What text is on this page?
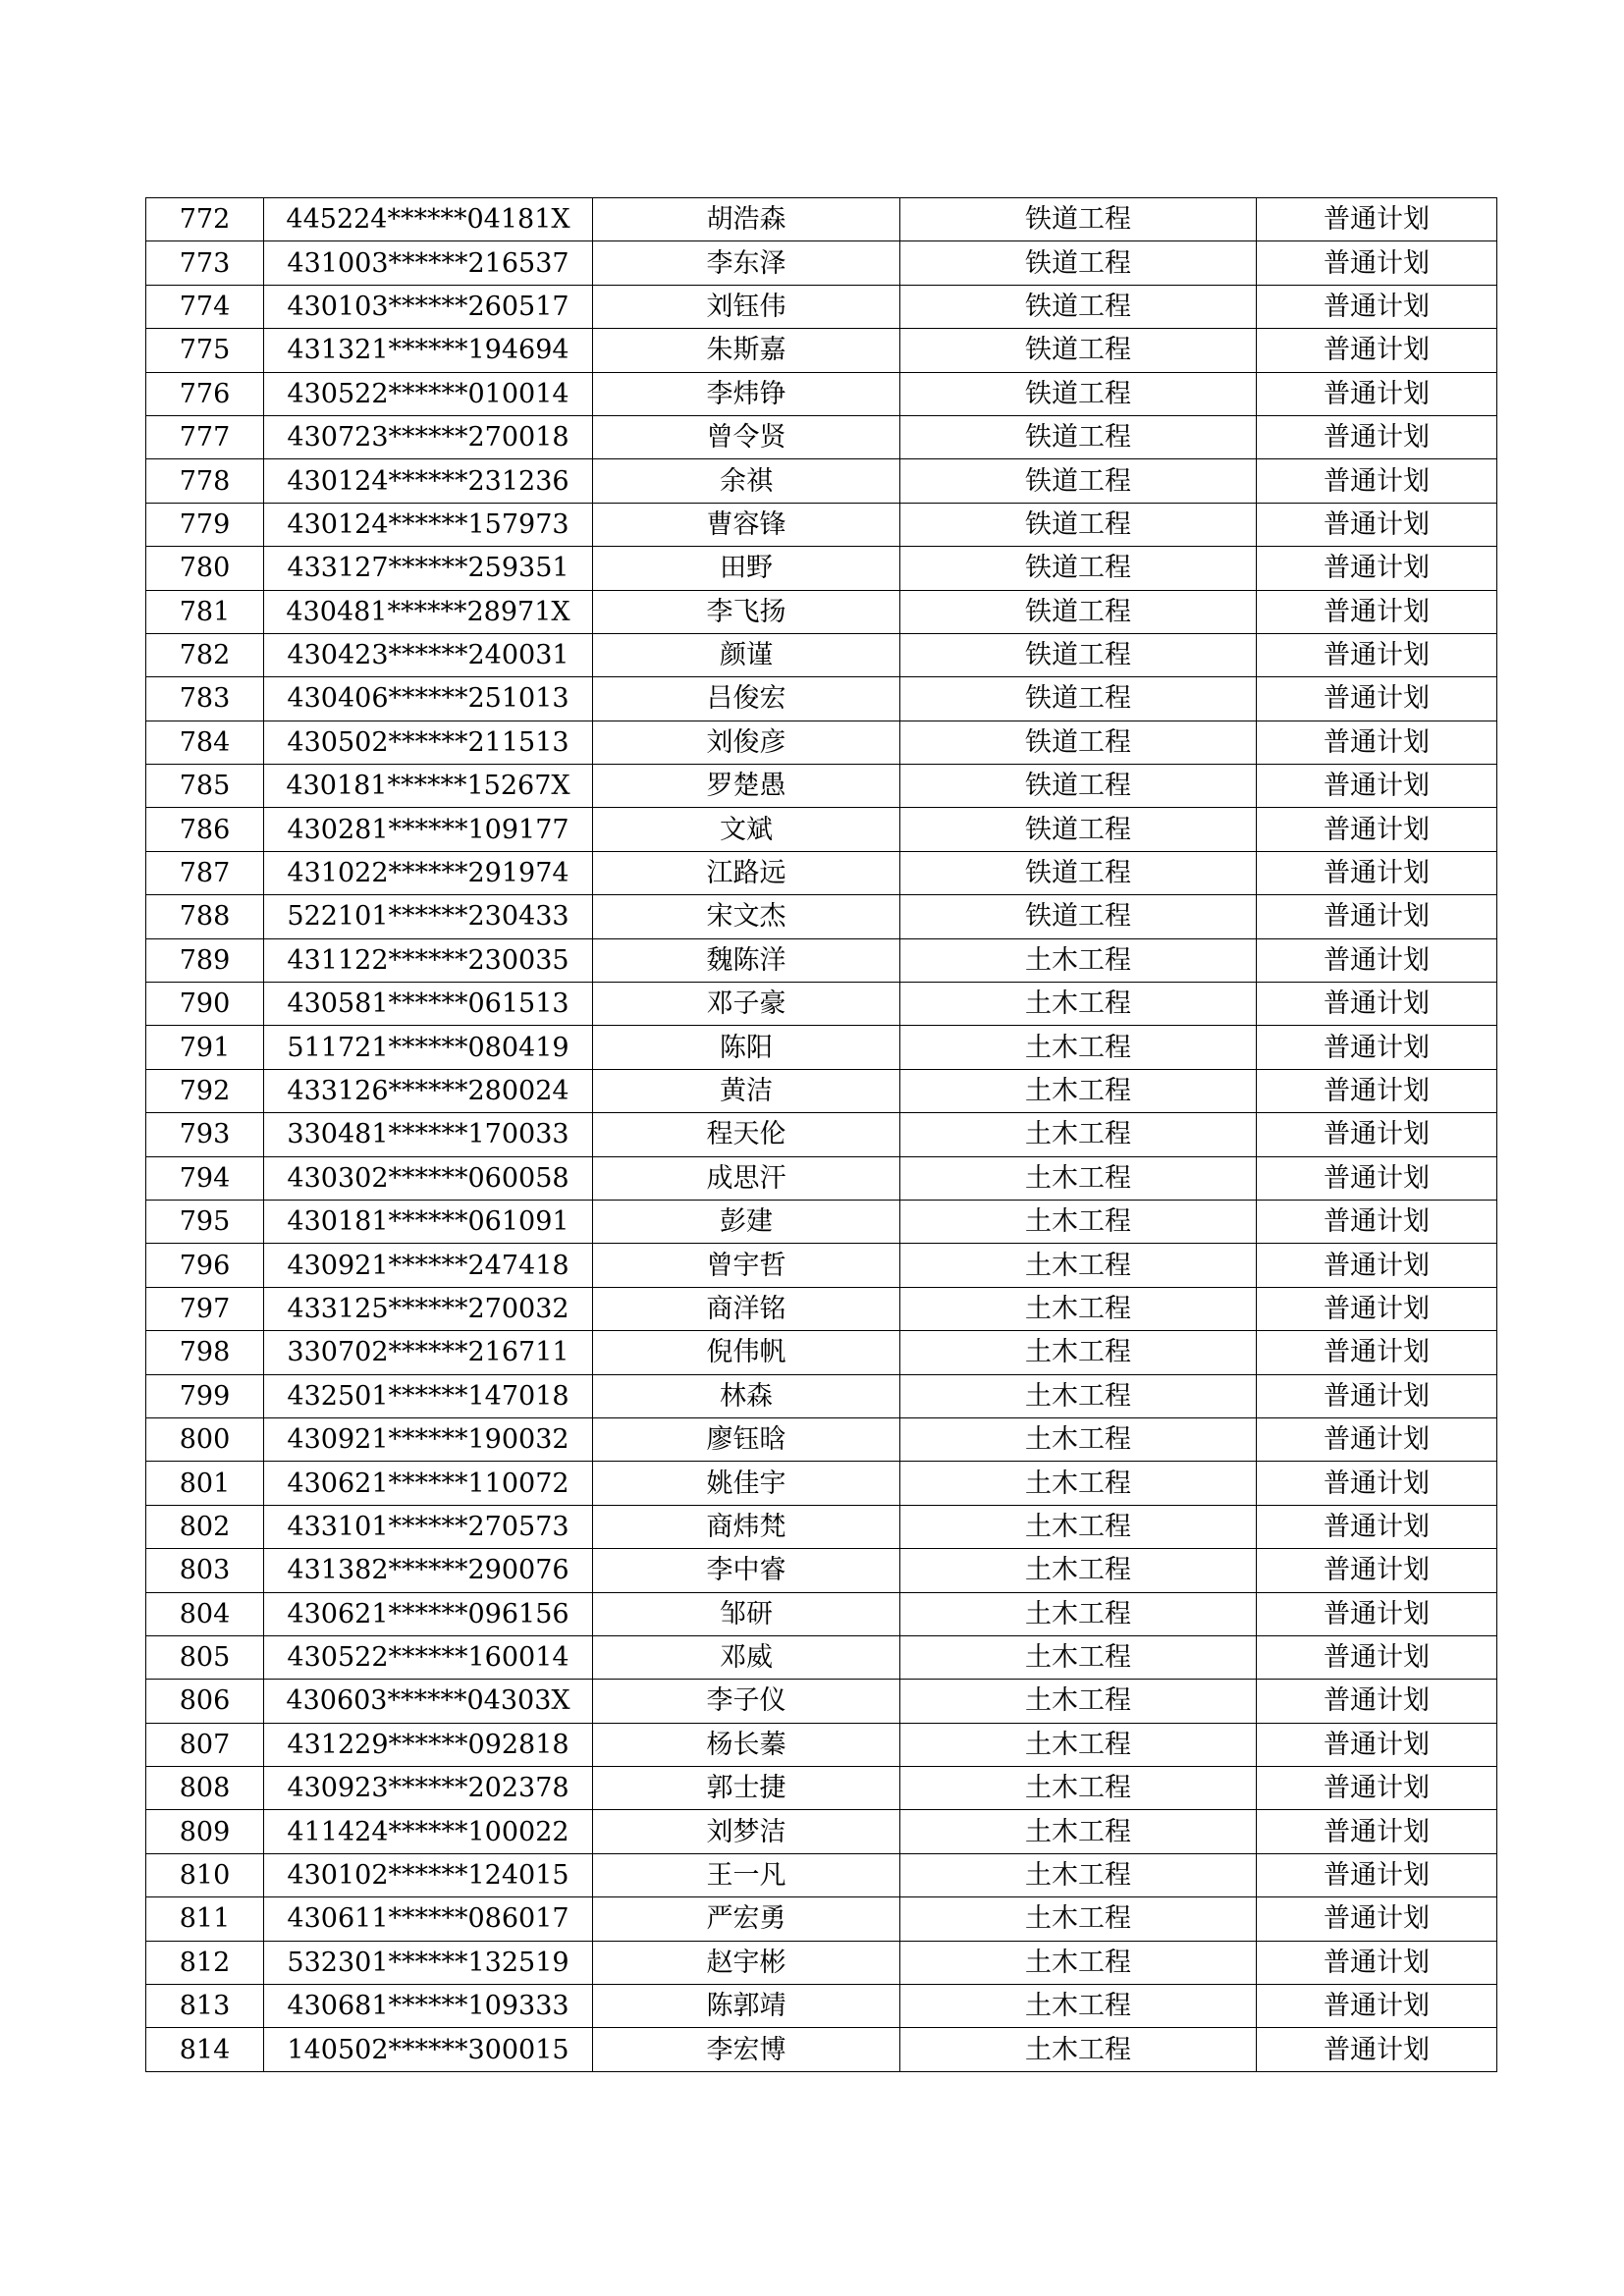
772	445224******04181X	胡浩森	铁道工程	普通计划
773	431003******216537	李东泽	铁道工程	普通计划
774	430103******260517	刘钰伟	铁道工程	普通计划
775	431321******194694	朱斯嘉	铁道工程	普通计划
776	430522******010014	李炜铮	铁道工程	普通计划
777	430723******270018	曾令贤	铁道工程	普通计划
778	430124******231236	余祺	铁道工程	普通计划
779	430124******157973	曹容锋	铁道工程	普通计划
780	433127******259351	田野	铁道工程	普通计划
781	430481******28971X	李飞扬	铁道工程	普通计划
782	430423******240031	颜谨	铁道工程	普通计划
783	430406******251013	吕俊宏	铁道工程	普通计划
784	430502******211513	刘俊彦	铁道工程	普通计划
785	430181******15267X	罗楚愚	铁道工程	普通计划
786	430281******109177	文斌	铁道工程	普通计划
787	431022******291974	江路远	铁道工程	普通计划
788	522101******230433	宋文杰	铁道工程	普通计划
789	431122******230035	魏陈洋	土木工程	普通计划
790	430581******061513	邓子豪	土木工程	普通计划
791	511721******080419	陈阳	土木工程	普通计划
792	433126******280024	黄洁	土木工程	普通计划
793	330481******170033	程天伦	土木工程	普通计划
794	430302******060058	成思汗	土木工程	普通计划
795	430181******061091	彭建	土木工程	普通计划
796	430921******247418	曾宇哲	土木工程	普通计划
797	433125******270032	商洋铭	土木工程	普通计划
798	330702******216711	倪伟帆	土木工程	普通计划
799	432501******147018	林森	土木工程	普通计划
800	430921******190032	廖钰晗	土木工程	普通计划
801	430621******110072	姚佳宇	土木工程	普通计划
802	433101******270573	商炜梵	土木工程	普通计划
803	431382******290076	李中睿	土木工程	普通计划
804	430621******096156	邹研	土木工程	普通计划
805	430522******160014	邓威	土木工程	普通计划
806	430603******04303X	李子仪	土木工程	普通计划
807	431229******092818	杨长蓁	土木工程	普通计划
808	430923******202378	郭士捷	土木工程	普通计划
809	411424******100022	刘梦洁	土木工程	普通计划
810	430102******124015	王一凡	土木工程	普通计划
811	430611******086017	严宏勇	土木工程	普通计划
812	532301******132519	赵宇彬	土木工程	普通计划
813	430681******109333	陈郭靖	土木工程	普通计划
814	140502******300015	李宏博	土木工程	普通计划
